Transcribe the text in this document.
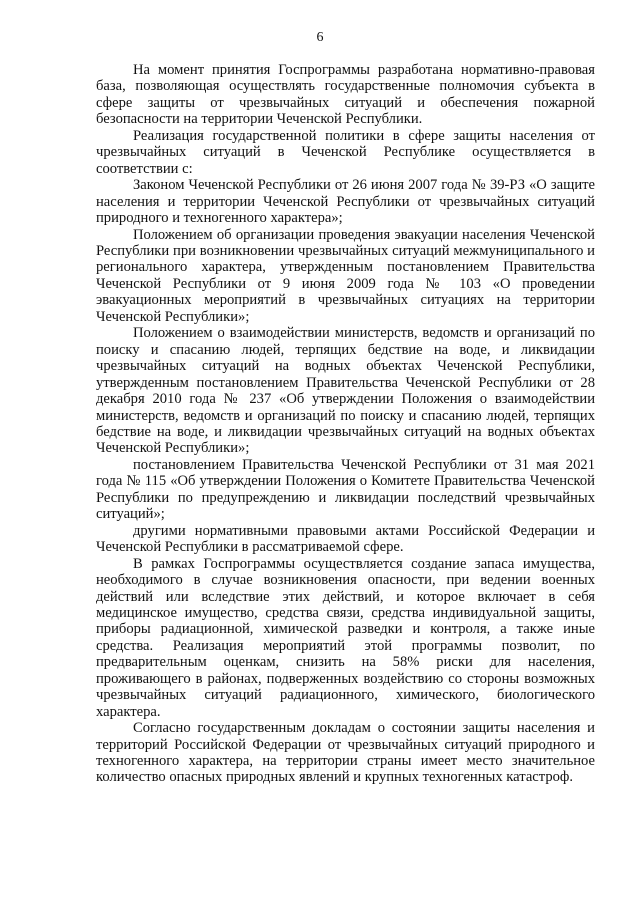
6

На момент принятия Госпрограммы разработана нормативно-правовая база, позволяющая осуществлять государственные полномочия субъекта в сфере защиты от чрезвычайных ситуаций и обеспечения пожарной безопасности на территории Чеченской Республики.

Реализация государственной политики в сфере защиты населения от чрезвычайных ситуаций в Чеченской Республике осуществляется в соответствии с:

Законом Чеченской Республики от 26 июня 2007 года № 39-РЗ «О защите населения и территории Чеченской Республики от чрезвычайных ситуаций природного и техногенного характера»;

Положением об организации проведения эвакуации населения Чеченской Республики при возникновении чрезвычайных ситуаций межмуниципального и регионального характера, утвержденным постановлением Правительства Чеченской Республики от 9 июня 2009 года № 103 «О проведении эвакуационных мероприятий в чрезвычайных ситуациях на территории Чеченской Республики»;

Положением о взаимодействии министерств, ведомств и организаций по поиску и спасанию людей, терпящих бедствие на воде, и ликвидации чрезвычайных ситуаций на водных объектах Чеченской Республики, утвержденным постановлением Правительства Чеченской Республики от 28 декабря 2010 года № 237 «Об утверждении Положения о взаимодействии министерств, ведомств и организаций по поиску и спасанию людей, терпящих бедствие на воде, и ликвидации чрезвычайных ситуаций на водных объектах Чеченской Республики»;

постановлением Правительства Чеченской Республики от 31 мая 2021 года № 115 «Об утверждении Положения о Комитете Правительства Чеченской Республики по предупреждению и ликвидации последствий чрезвычайных ситуаций»;

другими нормативными правовыми актами Российской Федерации и Чеченской Республики в рассматриваемой сфере.

В рамках Госпрограммы осуществляется создание запаса имущества, необходимого в случае возникновения опасности, при ведении военных действий или вследствие этих действий, и которое включает в себя медицинское имущество, средства связи, средства индивидуальной защиты, приборы радиационной, химической разведки и контроля, а также иные средства. Реализация мероприятий этой программы позволит, по предварительным оценкам, снизить на 58% риски для населения, проживающего в районах, подверженных воздействию со стороны возможных чрезвычайных ситуаций радиационного, химического, биологического характера.

Согласно государственным докладам о состоянии защиты населения и территорий Российской Федерации от чрезвычайных ситуаций природного и техногенного характера, на территории страны имеет место значительное количество опасных природных явлений и крупных техногенных катастроф.
